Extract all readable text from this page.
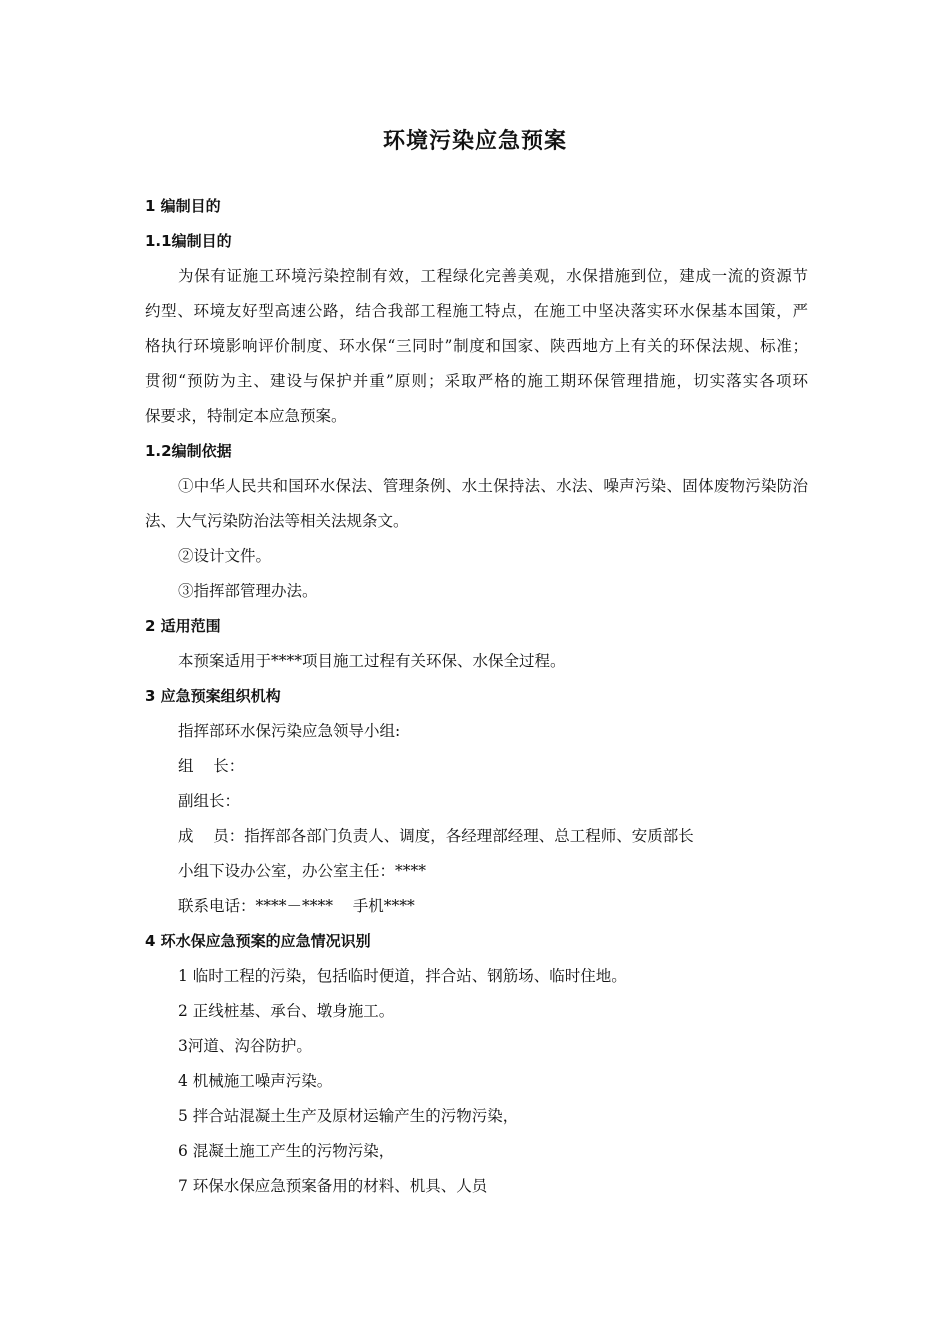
环境污染应急预案
1 编制目的
1.1编制目的
为保有证施工环境污染控制有效，工程绿化完善美观，水保措施到位，建成一流的资源节
约型、环境友好型高速公路，结合我部工程施工特点，在施工中坚决落实环水保基本国策，严
格执行环境影响评价制度、环水保“三同时”制度和国家、陕西地方上有关的环保法规、标准；
贯彻“预防为主、建设与保护并重”原则；采取严格的施工期环保管理措施，切实落实各项环
保要求，特制定本应急预案。
1.2编制依据
①中华人民共和国环水保法、管理条例、水土保持法、水法、噪声污染、固体废物污染防治
法、大气污染防治法等相关法规条文。
②设计文件。
③指挥部管理办法。
2 适用范围
本预案适用于****项目施工过程有关环保、水保全过程。
3 应急预案组织机构
指挥部环水保污染应急领导小组:
组    长：
副组长：
成    员：指挥部各部门负责人、调度，各经理部经理、总工程师、安质部长
小组下设办公室，办公室主任：****
联系电话：****－****    手机****
4 环水保应急预案的应急情况识别
1 临时工程的污染，包括临时便道，拌合站、钢筋场、临时住地。
2 正线桩基、承台、墩身施工。
3河道、沟谷防护。
4 机械施工噪声污染。
5 拌合站混凝土生产及原材运输产生的污物污染，
6 混凝土施工产生的污物污染，
7 环保水保应急预案备用的材料、机具、人员
